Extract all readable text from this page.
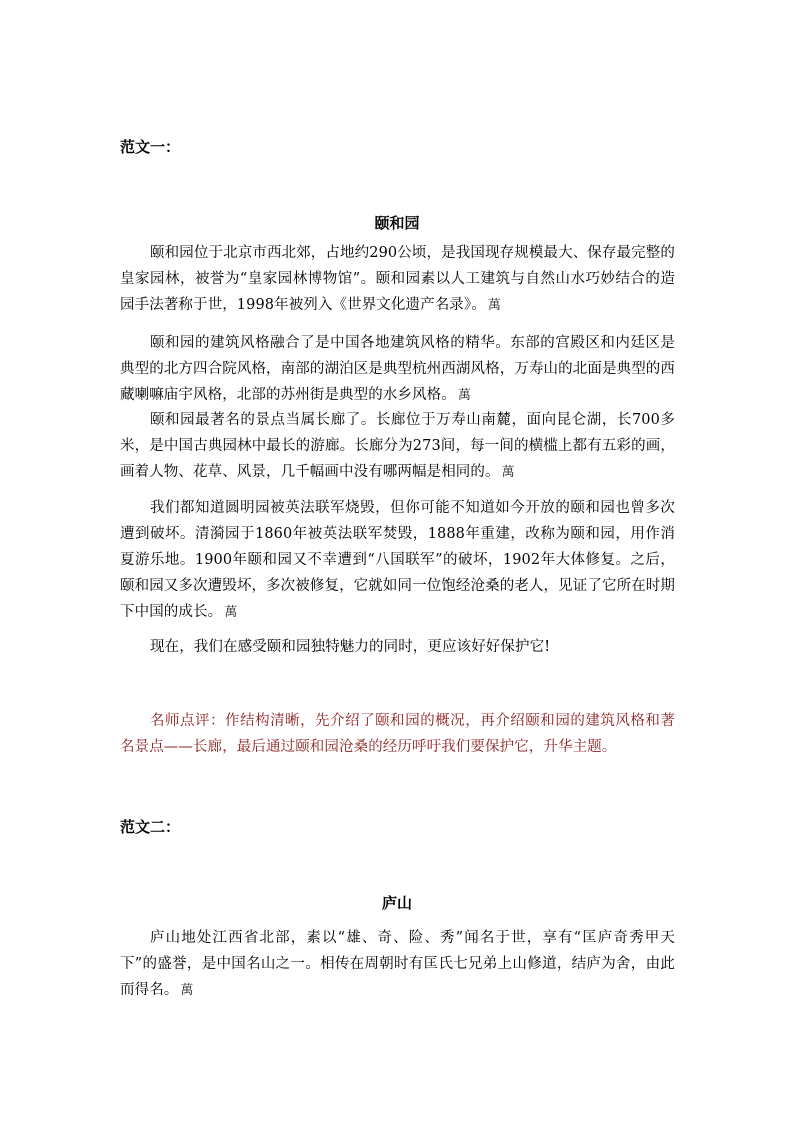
范文一：
颐和园
颐和园位于北京市西北郊，占地约290公顷，是我国现存规模最大、保存最完整的皇家园林，被誉为“皇家园林博物馆”。颐和园素以人工建筑与自然山水巧妙结合的造园手法著称于世，1998年被列入《世界文化遗产名录》。 萬
颐和园的建筑风格融合了是中国各地建筑风格的精华。东部的宫殿区和内廷区是典型的北方四合院风格，南部的湖泊区是典型杭州西湖风格，万寿山的北面是典型的西藏喇嘛庙宇风格，北部的苏州街是典型的水乡风格。 萬
颐和园最著名的景点当属长廊了。长廊位于万寿山南麓，面向昆仑湖，长700多米，是中国古典园林中最长的游廊。长廊分为273间，每一间的横槛上都有五彩的画，画着人物、花草、风景，几千幅画中没有哪两幅是相同的。 萬
我们都知道圆明园被英法联军烧毁，但你可能不知道如今开放的颐和园也曾多次遭到破坏。清漪园于1860年被英法联军焚毁，1888年重建，改称为颐和园，用作消夏游乐地。1900年颐和园又不幸遭到“八国联军”的破坏，1902年大体修复。之后，颐和园又多次遭毁坏，多次被修复，它就如同一位饱经沧桑的老人，见证了它所在时期下中国的成长。 萬
现在，我们在感受颐和园独特魅力的同时，更应该好好保护它!
名师点评：作结构清晰，先介绍了颐和园的概况，再介绍颐和园的建筑风格和著名景点——长廊，最后通过颐和园沧桑的经历呼吁我们要保护它，升华主题。
范文二：
庐山
庐山地处江西省北部，素以“雄、奇、险、秀”闻名于世，享有“匡庐奇秀甲天下”的盛誉，是中国名山之一。相传在周朝时有匡氏七兄弟上山修道，结庐为舍，由此而得名。 萬
